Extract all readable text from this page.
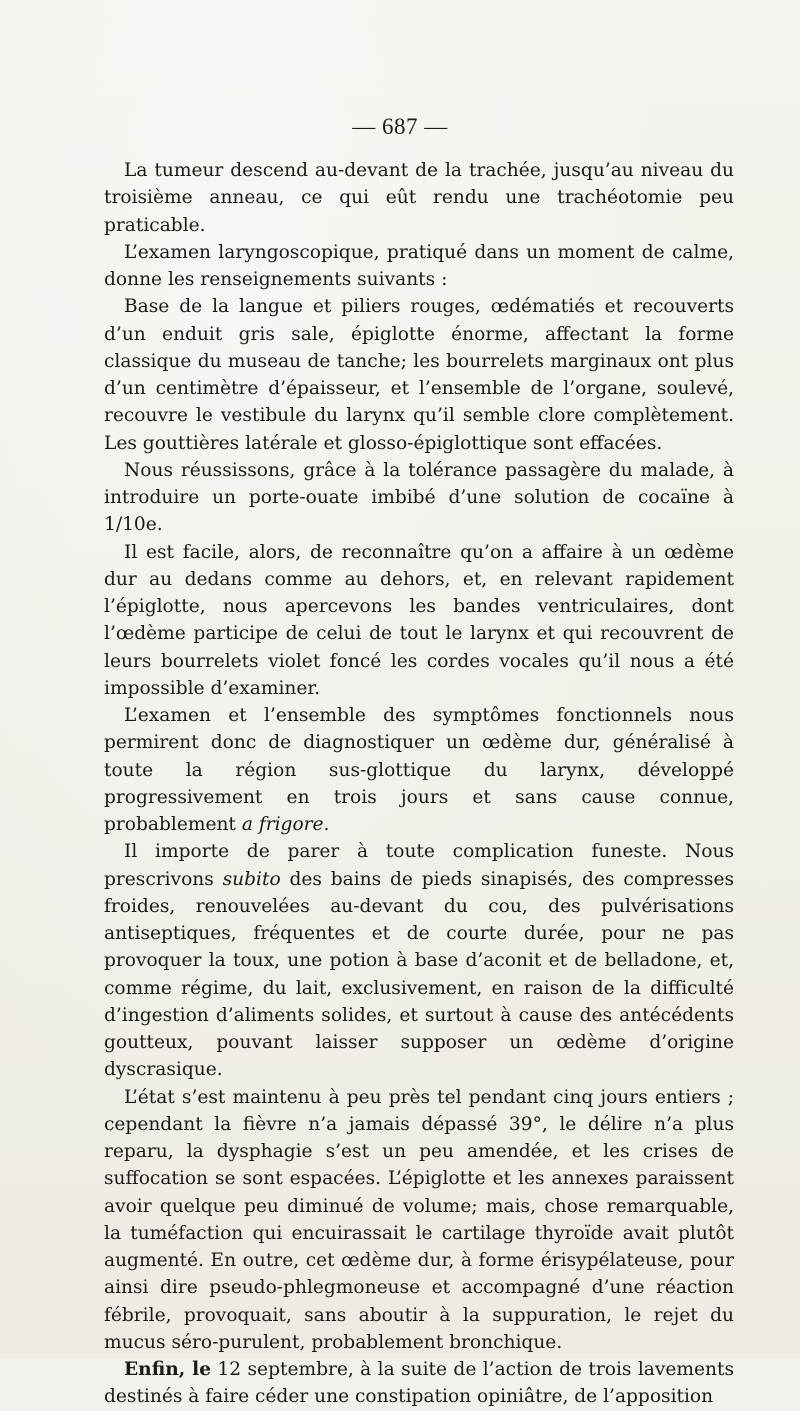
— 687 —

La tumeur descend au-devant de la trachée, jusqu’au niveau du troisième anneau, ce qui eût rendu une trachéotomie peu praticable.

L’examen laryngoscopique, pratiqué dans un moment de calme, donne les renseignements suivants :

Base de la langue et piliers rouges, œdématiés et recouverts d’un enduit gris sale, épiglotte énorme, affectant la forme classique du museau de tanche; les bourrelets marginaux ont plus d’un centimètre d’épaisseur, et l’ensemble de l’organe, soulevé, recouvre le vestibule du larynx qu’il semble clore complètement. Les gouttières latérale et glosso-épiglottique sont effacées.

Nous réussissons, grâce à la tolérance passagère du malade, à introduire un porte-ouate imbibé d’une solution de cocaïne à 1/10e.

Il est facile, alors, de reconnaître qu’on a affaire à un œdème dur au dedans comme au dehors, et, en relevant rapidement l’épiglotte, nous apercevons les bandes ventriculaires, dont l’œdème participe de celui de tout le larynx et qui recouvrent de leurs bourrelets violet foncé les cordes vocales qu’il nous a été impossible d’examiner.

L’examen et l’ensemble des symptômes fonctionnels nous permirent donc de diagnostiquer un œdème dur, généralisé à toute la région sus-glottique du larynx, développé progressivement en trois jours et sans cause connue, probablement a frigore.

Il importe de parer à toute complication funeste. Nous prescrivons subito des bains de pieds sinapisés, des compresses froides, renouvelées au-devant du cou, des pulvérisations antiseptiques, fréquentes et de courte durée, pour ne pas provoquer la toux, une potion à base d’aconit et de belladone, et, comme régime, du lait, exclusivement, en raison de la difficulté d’ingestion d’aliments solides, et surtout à cause des antécédents goutteux, pouvant laisser supposer un œdème d’origine dyscrasique.

L’état s’est maintenu à peu près tel pendant cinq jours entiers ; cependant la fièvre n’a jamais dépassé 39°, le délire n’a plus reparu, la dysphagie s’est un peu amendée, et les crises de suffocation se sont espacées. L’épiglotte et les annexes paraissent avoir quelque peu diminué de volume; mais, chose remarquable, la tuméfaction qui encuirassait le cartilage thyroïde avait plutôt augmenté. En outre, cet œdème dur, à forme érisypélateuse, pour ainsi dire pseudo-phlegmoneuse et accompagné d’une réaction fébrile, provoquait, sans aboutir à la suppuration, le rejet du mucus séro-purulent, probablement bronchique.

Enfin, le 12 septembre, à la suite de l’action de trois lavements destinés à faire céder une constipation opiniâtre, de l’apposition
